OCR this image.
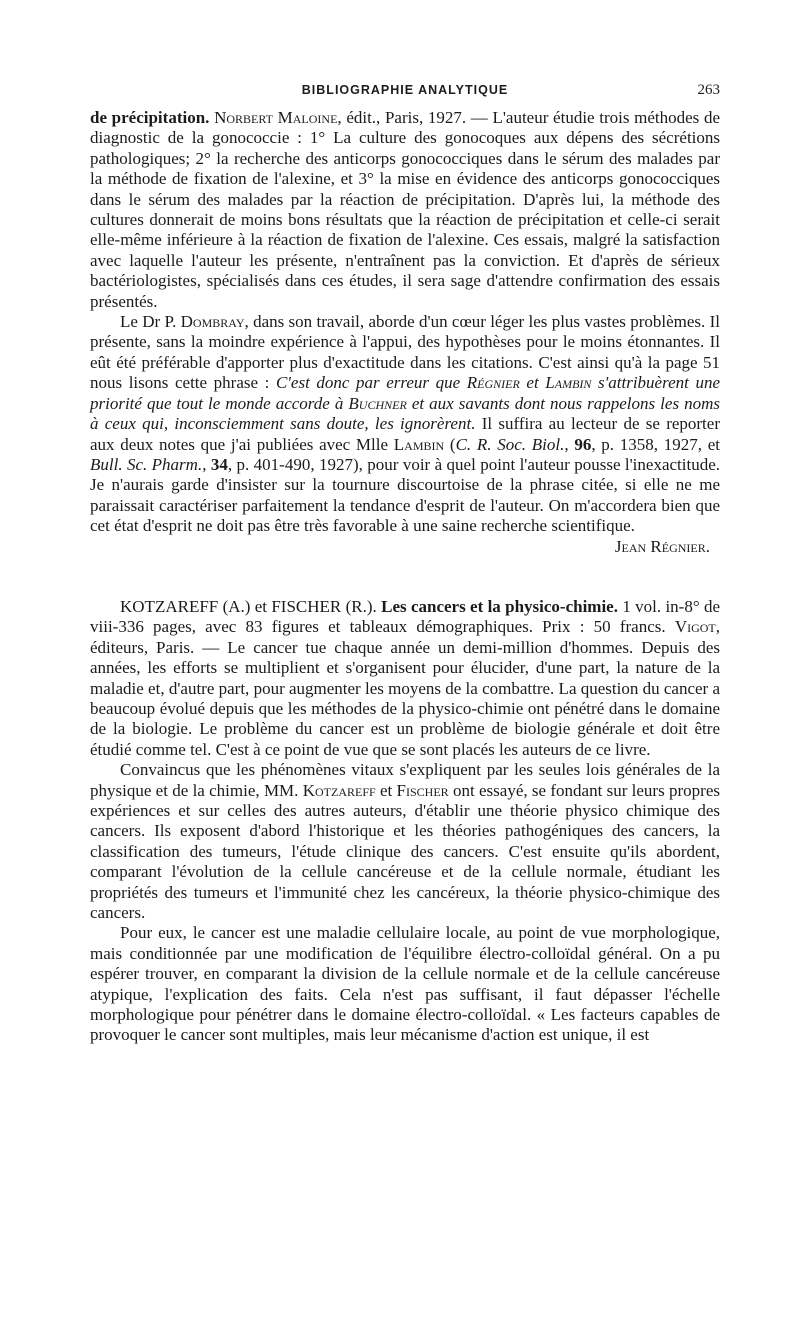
BIBLIOGRAPHIE ANALYTIQUE	263

de précipitation. Norbert Maloine, édit., Paris, 1927. — L'auteur étudie trois méthodes de diagnostic de la gonococcie : 1° La culture des gonocoques aux dépens des sécrétions pathologiques; 2° la recherche des anticorps gonococciques dans le sérum des malades par la méthode de fixation de l'alexine, et 3° la mise en évidence des anticorps gonococciques dans le sérum des malades par la réaction de précipitation. D'après lui, la méthode des cultures donnerait de moins bons résultats que la réaction de précipitation et celle-ci serait elle-même inférieure à la réaction de fixation de l'alexine. Ces essais, malgré la satisfaction avec laquelle l'auteur les présente, n'entraînent pas la conviction. Et d'après de sérieux bactériologistes, spécialisés dans ces études, il sera sage d'attendre confirmation des essais présentés.

Le Dr P. Dombray, dans son travail, aborde d'un cœur léger les plus vastes problèmes. Il présente, sans la moindre expérience à l'appui, des hypothèses pour le moins étonnantes. Il eût été préférable d'apporter plus d'exactitude dans les citations. C'est ainsi qu'à la page 51 nous lisons cette phrase : C'est donc par erreur que Régnier et Lambin s'attribuèrent une priorité que tout le monde accorde à Buchner et aux savants dont nous rappelons les noms à ceux qui, inconsciemment sans doute, les ignorèrent. Il suffira au lecteur de se reporter aux deux notes que j'ai publiées avec Mlle Lambin (C. R. Soc. Biol., 96, p. 1358, 1927, et Bull. Sc. Pharm., 34, p. 401-490, 1927), pour voir à quel point l'auteur pousse l'inexactitude. Je n'aurais garde d'insister sur la tournure discourtoise de la phrase citée, si elle ne me paraissait caractériser parfaitement la tendance d'esprit de l'auteur. On m'accordera bien que cet état d'esprit ne doit pas être très favorable à une saine recherche scientifique.

Jean Régnier.

KOTZAREFF (A.) et FISCHER (R.). Les cancers et la physico-chimie. 1 vol. in-8° de viii-336 pages, avec 83 figures et tableaux démographiques. Prix : 50 francs. Vigot, éditeurs, Paris. — Le cancer tue chaque année un demi-million d'hommes. Depuis des années, les efforts se multiplient et s'organisent pour élucider, d'une part, la nature de la maladie et, d'autre part, pour augmenter les moyens de la combattre. La question du cancer a beaucoup évolué depuis que les méthodes de la physico-chimie ont pénétré dans le domaine de la biologie. Le problème du cancer est un problème de biologie générale et doit être étudié comme tel. C'est à ce point de vue que se sont placés les auteurs de ce livre.

Convaincus que les phénomènes vitaux s'expliquent par les seules lois générales de la physique et de la chimie, MM. Kotzareff et Fischer ont essayé, se fondant sur leurs propres expériences et sur celles des autres auteurs, d'établir une théorie physico chimique des cancers. Ils exposent d'abord l'historique et les théories pathogéniques des cancers, la classification des tumeurs, l'étude clinique des cancers. C'est ensuite qu'ils abordent, comparant l'évolution de la cellule cancéreuse et de la cellule normale, étudiant les propriétés des tumeurs et l'immunité chez les cancéreux, la théorie physico-chimique des cancers.

Pour eux, le cancer est une maladie cellulaire locale, au point de vue morphologique, mais conditionnée par une modification de l'équilibre électro-colloïdal général. On a pu espérer trouver, en comparant la division de la cellule normale et de la cellule cancéreuse atypique, l'explication des faits. Cela n'est pas suffisant, il faut dépasser l'échelle morphologique pour pénétrer dans le domaine électro-colloïdal. « Les facteurs capables de provoquer le cancer sont multiples, mais leur mécanisme d'action est unique, il est
